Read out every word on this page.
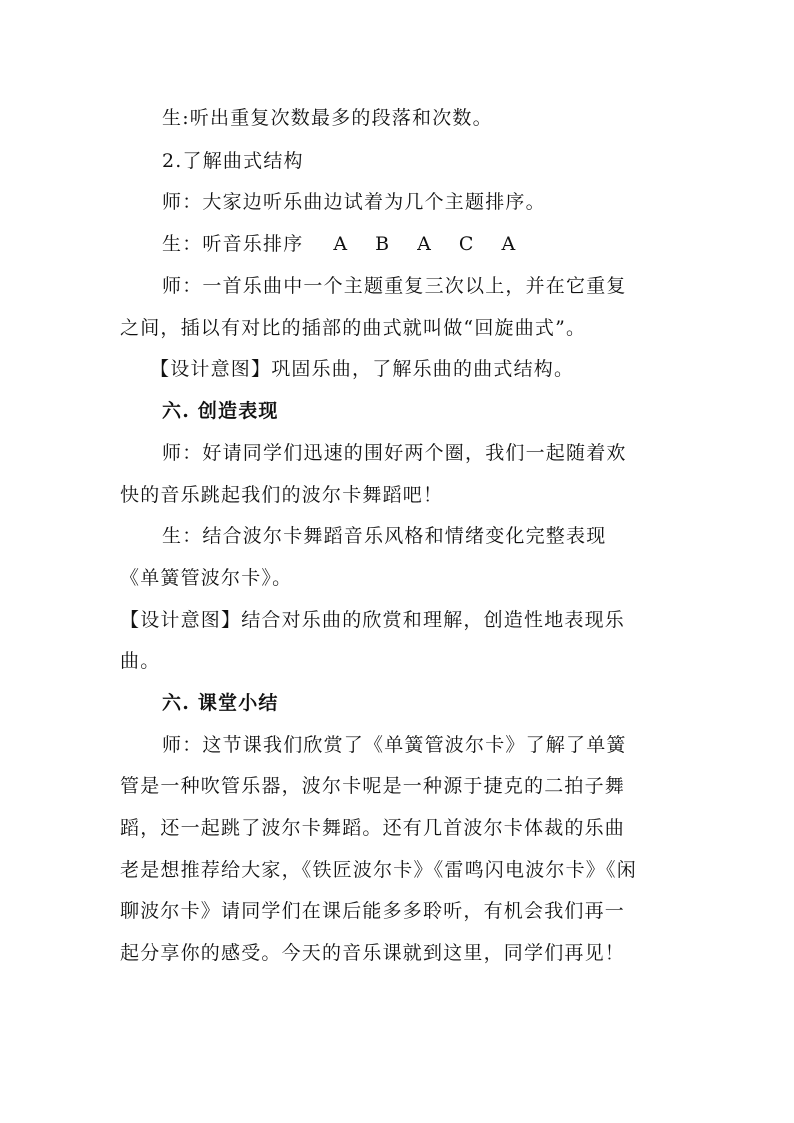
生:听出重复次数最多的段落和次数。
2.了解曲式结构
师：大家边听乐曲边试着为几个主题排序。
生：听音乐排序 A B A C A
师：一首乐曲中一个主题重复三次以上，并在它重复
之间，插以有对比的插部的曲式就叫做“回旋曲式”。
【设计意图】巩固乐曲，了解乐曲的曲式结构。
六. 创造表现
师：好请同学们迅速的围好两个圈，我们一起随着欢
快的音乐跳起我们的波尔卡舞蹈吧！
生：结合波尔卡舞蹈音乐风格和情绪变化完整表现
《单簧管波尔卡》。
【设计意图】结合对乐曲的欣赏和理解，创造性地表现乐
曲。
六. 课堂小结
师：这节课我们欣赏了《单簧管波尔卡》了解了单簧
管是一种吹管乐器，波尔卡呢是一种源于捷克的二拍子舞
蹈，还一起跳了波尔卡舞蹈。还有几首波尔卡体裁的乐曲
老是想推荐给大家，《铁匠波尔卡》《雷鸣闪电波尔卡》《闲
聊波尔卡》请同学们在课后能多多聆听，有机会我们再一
起分享你的感受。今天的音乐课就到这里，同学们再见！
